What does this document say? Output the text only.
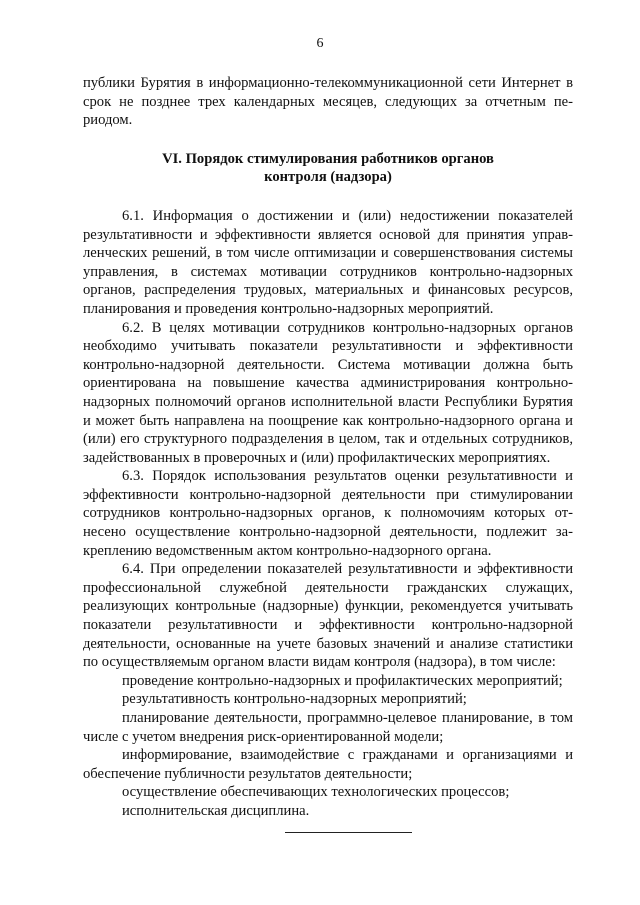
6

публики Бурятия в информационно-телекоммуникационной сети Интернет в срок не позднее трех календарных месяцев, следующих за отчетным периодом.

VI. Порядок стимулирования работников органов
контроля (надзора)

6.1. Информация о достижении и (или) недостижении показателей результативности и эффективности является основой для принятия управленческих решений, в том числе оптимизации и совершенствования системы управления, в системах мотивации сотрудников контрольно-надзорных органов, распределения трудовых, материальных и финансовых ресурсов, планирования и проведения контрольно-надзорных мероприятий.

6.2. В целях мотивации сотрудников контрольно-надзорных органов необходимо учитывать показатели результативности и эффективности контрольно-надзорной деятельности. Система мотивации должна быть ориентирована на повышение качества администрирования контрольно-надзорных полномочий органов исполнительной власти Республики Бурятия и может быть направлена на поощрение как контрольно-надзорного органа и (или) его структурного подразделения в целом, так и отдельных сотрудников, задействованных в проверочных и (или) профилактических мероприятиях.

6.3. Порядок использования результатов оценки результативности и эффективности контрольно-надзорной деятельности при стимулировании сотрудников контрольно-надзорных органов, к полномочиям которых отнесено осуществление контрольно-надзорной деятельности, подлежит закреплению ведомственным актом контрольно-надзорного органа.

6.4. При определении показателей результативности и эффективности профессиональной служебной деятельности гражданских служащих, реализующих контрольные (надзорные) функции, рекомендуется учитывать показатели результативности и эффективности контрольно-надзорной деятельности, основанные на учете базовых значений и анализе статистики по осуществляемым органом власти видам контроля (надзора), в том числе:

проведение контрольно-надзорных и профилактических мероприятий;

результативность контрольно-надзорных мероприятий;

планирование деятельности, программно-целевое планирование, в том числе с учетом внедрения риск-ориентированной модели;

информирование, взаимодействие с гражданами и организациями и обеспечение публичности результатов деятельности;

осуществление обеспечивающих технологических процессов;

исполнительская дисциплина.
